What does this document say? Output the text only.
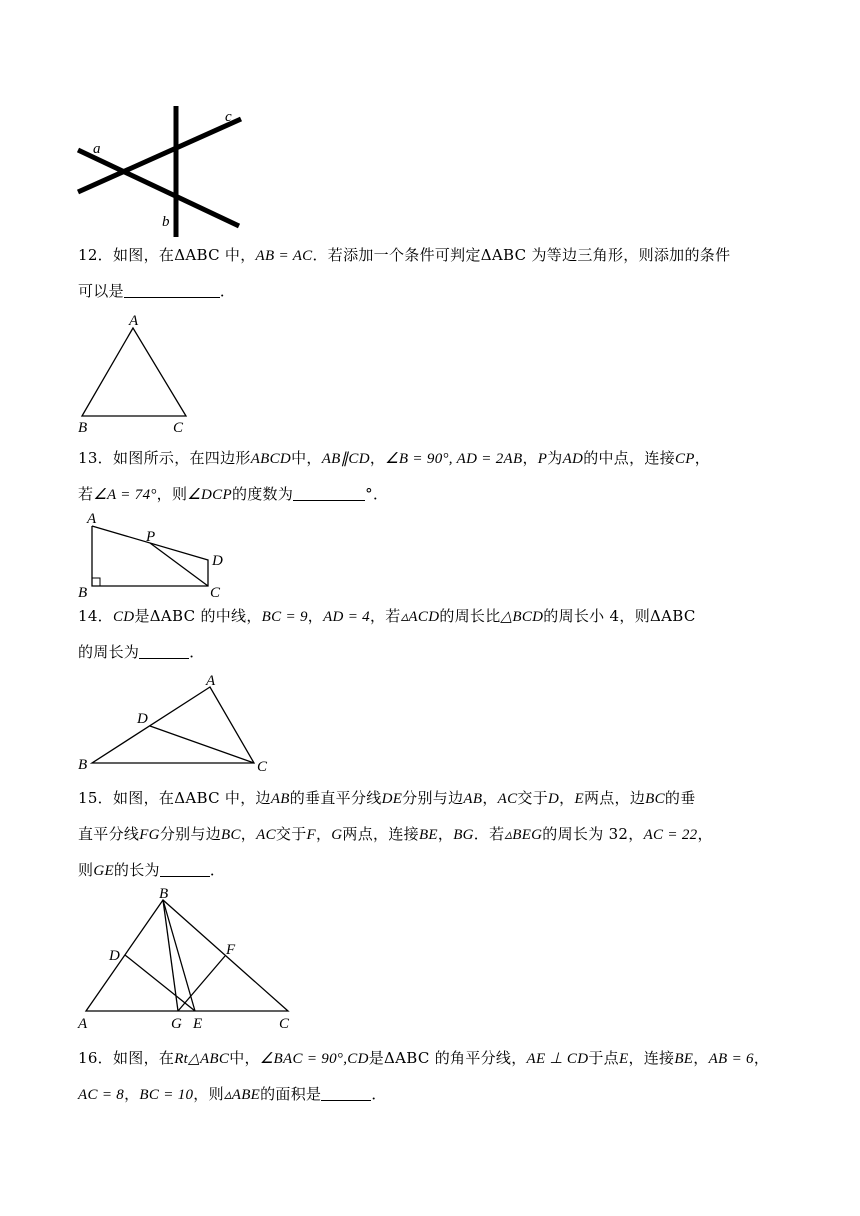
a
b
c
12．如图，在ΔABC 中，AB = AC．若添加一个条件可判定ΔABC 为等边三角形，则添加的条件
可以是	．
A
B	C
13．如图所示，在四边形ABCD中，AB∥CD，∠B = 90°, AD = 2AB，P为AD的中点，连接CP，
若∠A = 74°，则∠DCP的度数为	°．
A
P
D
B	C
14．CD是ΔABC 的中线，BC = 9，AD = 4，若▵ACD的周长比△BCD的周长小 4，则ΔABC
的周长为	．
A
D
B	C
15．如图，在ΔABC 中，边AB的垂直平分线DE分别与边AB，AC交于D，E两点，边BC的垂
直平分线FG分别与边BC，AC交于F，G两点，连接BE，BG．若▵BEG的周长为 32，AC = 22，
则GE的长为	．
B
D	F
A	G E	C
16．如图，在Rt△ABC中，∠BAC = 90°,CD是ΔABC 的角平分线，AE ⊥ CD于点E，连接BE，AB = 6，
AC = 8，BC = 10，则▵ABE的面积是	．
